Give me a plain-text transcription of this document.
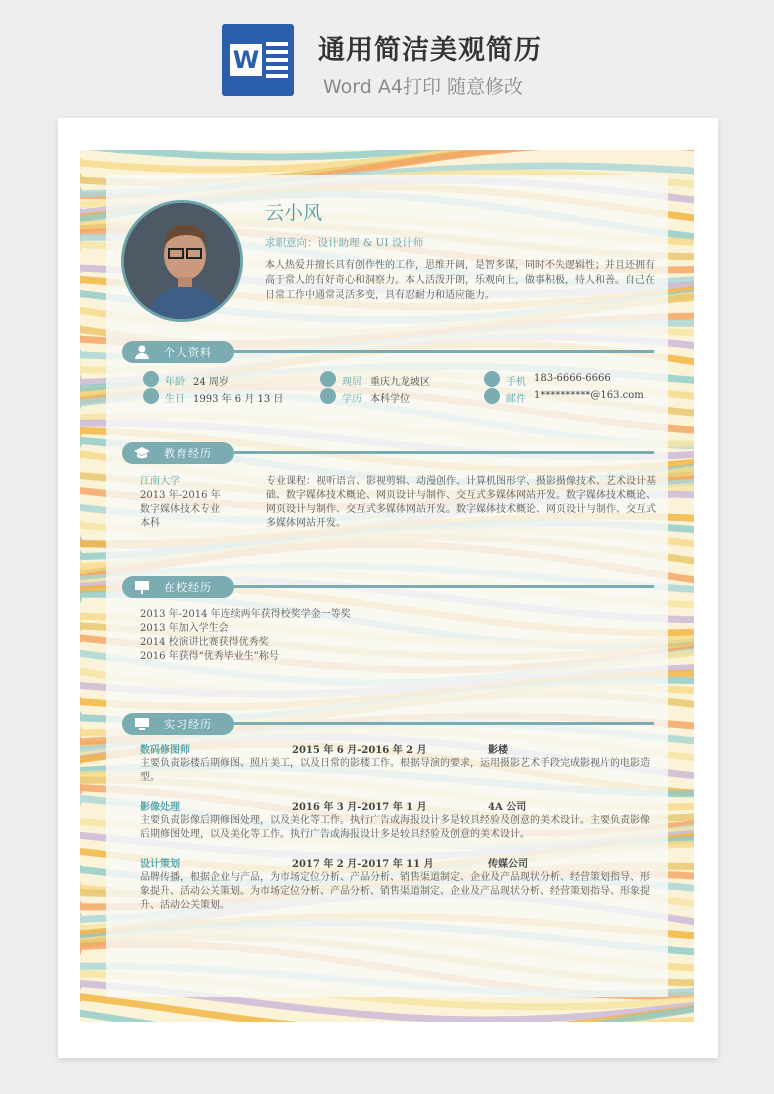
W 通用简洁美观简历
Word A4打印 随意修改
云小风
求职意向：设计助理 & UI 设计师
本人热爱并擅长具有创作性的工作，思维开阔，是智多谋，同时不失逻辑性；并且还拥有高于常人的有好奇心和洞察力。本人活泼开朗，乐观向上，做事积极，待人和善。自己在日常工作中通常灵活多变，具有忍耐力和适应能力。
个人资料
年龄 24 周岁
生日 1993 年 6 月 13 日
现居 重庆九龙坡区
学历 本科学位
手机 183-6666-6666
邮件 1**********@163.com
教育经历
江南大学
2013 年-2016 年
数字媒体技术专业
本科
专业课程：视听语言、影视剪辑、动漫创作、计算机图形学、摄影摄像技术、艺术设计基础、数字媒体技术概论、网页设计与制作、交互式多媒体网站开发。数字媒体技术概论、网页设计与制作、交互式多媒体网站开发。数字媒体技术概论、网页设计与制作、交互式多媒体网站开发。
在校经历
2013 年-2014 年连续两年获得校奖学金一等奖
2013 年加入学生会
2014 校演讲比赛获得优秀奖
2016 年获得“优秀毕业生”称号
实习经历
数码修图师	2015 年 6 月-2016 年 2 月	影楼
主要负责影楼后期修图、照片美工，以及日常的影楼工作。根据导演的要求，运用摄影艺术手段完成影视片的电影造型。
影像处理	2016 年 3 月-2017 年 1 月	4A 公司
主要负责影像后期修图处理，以及美化等工作。执行广告或海报设计多是较具经验及创意的美术设计。主要负责影像后期修图处理，以及美化等工作。执行广告或海报设计多是较具经验及创意的美术设计。
设计策划	2017 年 2 月-2017 年 11 月	传媒公司
品牌传播，根据企业与产品，为市场定位分析、产品分析、销售渠道制定、企业及产品现状分析、经营策划指导、形象提升、活动公关策划。为市场定位分析、产品分析、销售渠道制定、企业及产品现状分析、经营策划指导、形象提升、活动公关策划。
